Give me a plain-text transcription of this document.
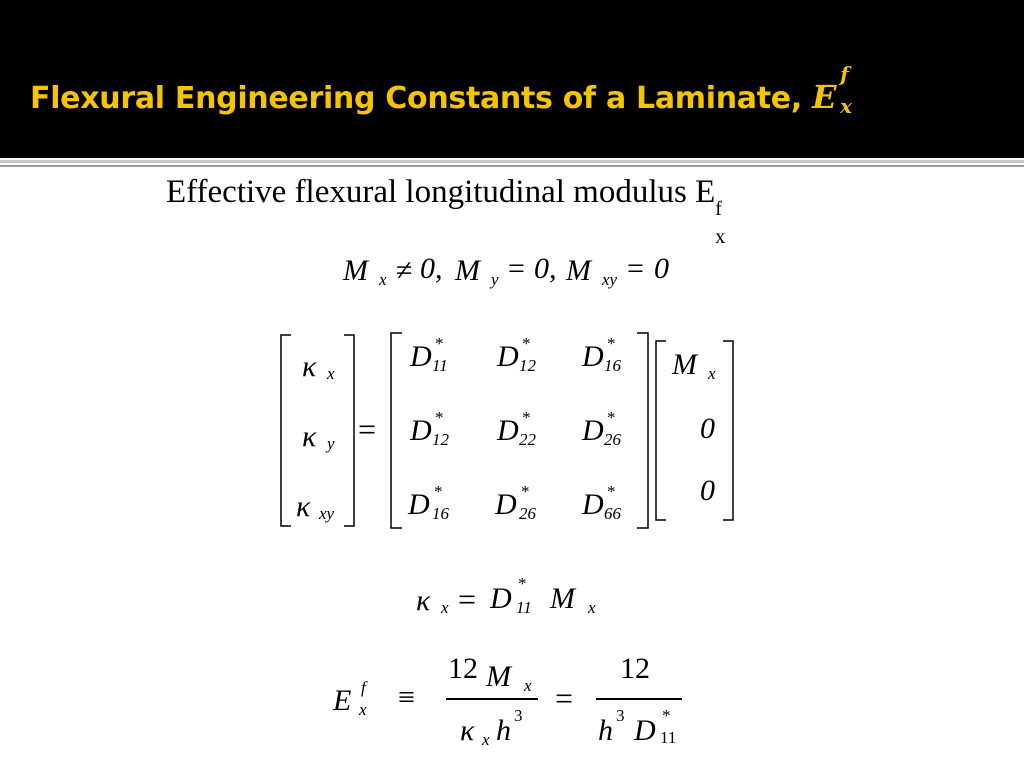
Flexural Engineering Constants of a Laminate, E
f
x
Effective flexural longitudinal modulus E f
x
M x ≠ 0, M y = 0, M xy = 0
κ x
κ y
κ xy
=
D *
11 D *
12 D *
16
D *
12 D *
22 D *
26
D *
16 D *
26 D *
66
M x
0
0
κ x = D *
11 M x
E f
x ≡
12 M x
κ x h 3 =
12
h 3 D *
11
